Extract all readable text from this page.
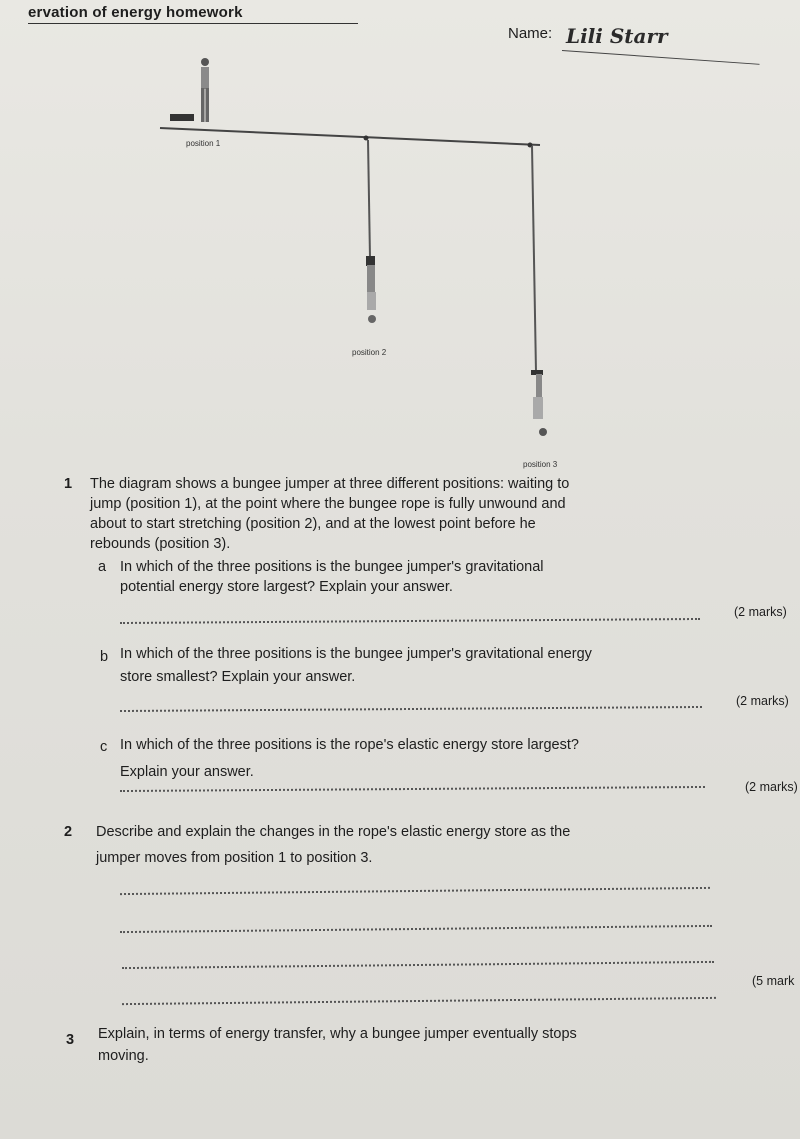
ervation of energy homework
Name: Lili Starr
position 1
position 2
position 3
1 The diagram shows a bungee jumper at three different positions: waiting to
jump (position 1), at the point where the bungee rope is fully unwound and
about to start stretching (position 2), and at the lowest point before he
rebounds (position 3).
a In which of the three positions is the bungee jumper's gravitational
potential energy store largest? Explain your answer.
(2 marks)
b In which of the three positions is the bungee jumper's gravitational energy
store smallest? Explain your answer.
(2 marks)
c In which of the three positions is the rope's elastic energy store largest?
Explain your answer.
(2 marks)
2 Describe and explain the changes in the rope's elastic energy store as the
jumper moves from position 1 to position 3.
(5 mark
3 Explain, in terms of energy transfer, why a bungee jumper eventually stops
moving.
